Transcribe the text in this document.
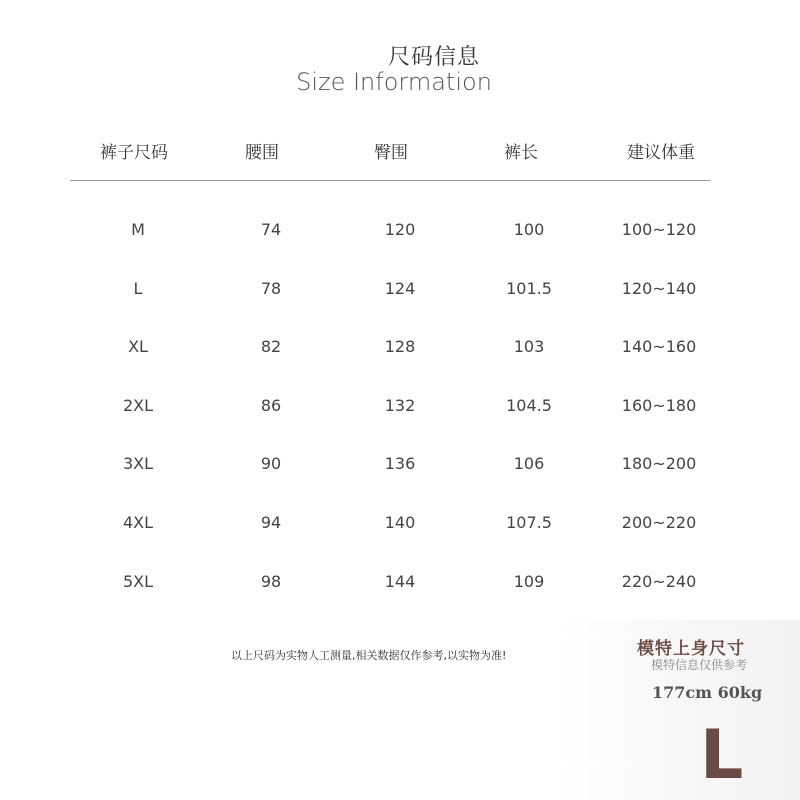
尺码信息
Size Information
裤子尺码	腰围	臀围	裤长	建议体重
M	74	120	100	100~120
L	78	124	101.5	120~140
XL	82	128	103	140~160
2XL	86	132	104.5	160~180
3XL	90	136	106	180~200
4XL	94	140	107.5	200~220
5XL	98	144	109	220~240
以上尺码为实物人工测量,相关数据仅作参考,以实物为准!	模特上身尺寸
模特信息仅供参考
177cm 60kg
L
